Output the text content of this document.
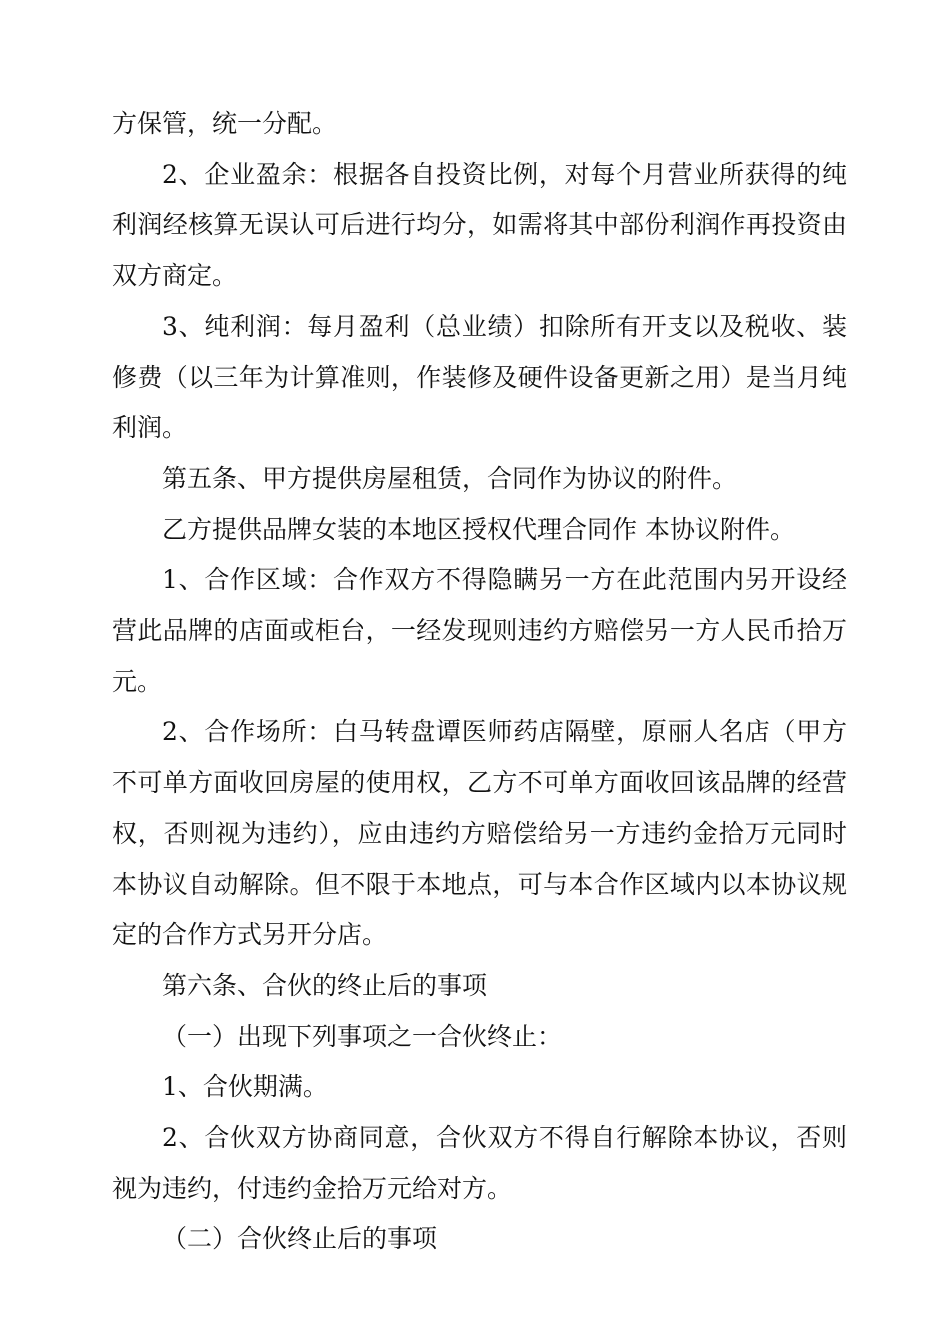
方保管，统一分配。

2、企业盈余：根据各自投资比例，对每个月营业所获得的纯利润经核算无误认可后进行均分，如需将其中部份利润作再投资由双方商定。

3、纯利润：每月盈利（总业绩）扣除所有开支以及税收、装修费（以三年为计算准则，作装修及硬件设备更新之用）是当月纯利润。

第五条、甲方提供房屋租赁，合同作为协议的附件。

乙方提供品牌女装的本地区授权代理合同作 本协议附件。

1、合作区域：合作双方不得隐瞒另一方在此范围内另开设经营此品牌的店面或柜台，一经发现则违约方赔偿另一方人民币拾万元。

2、合作场所：白马转盘谭医师药店隔壁，原丽人名店（甲方不可单方面收回房屋的使用权，乙方不可单方面收回该品牌的经营权，否则视为违约），应由违约方赔偿给另一方违约金拾万元同时本协议自动解除。但不限于本地点，可与本合作区域内以本协议规定的合作方式另开分店。

第六条、合伙的终止后的事项

（一）出现下列事项之一合伙终止：

1、合伙期满。

2、合伙双方协商同意，合伙双方不得自行解除本协议，否则视为违约，付违约金拾万元给对方。

（二）合伙终止后的事项
